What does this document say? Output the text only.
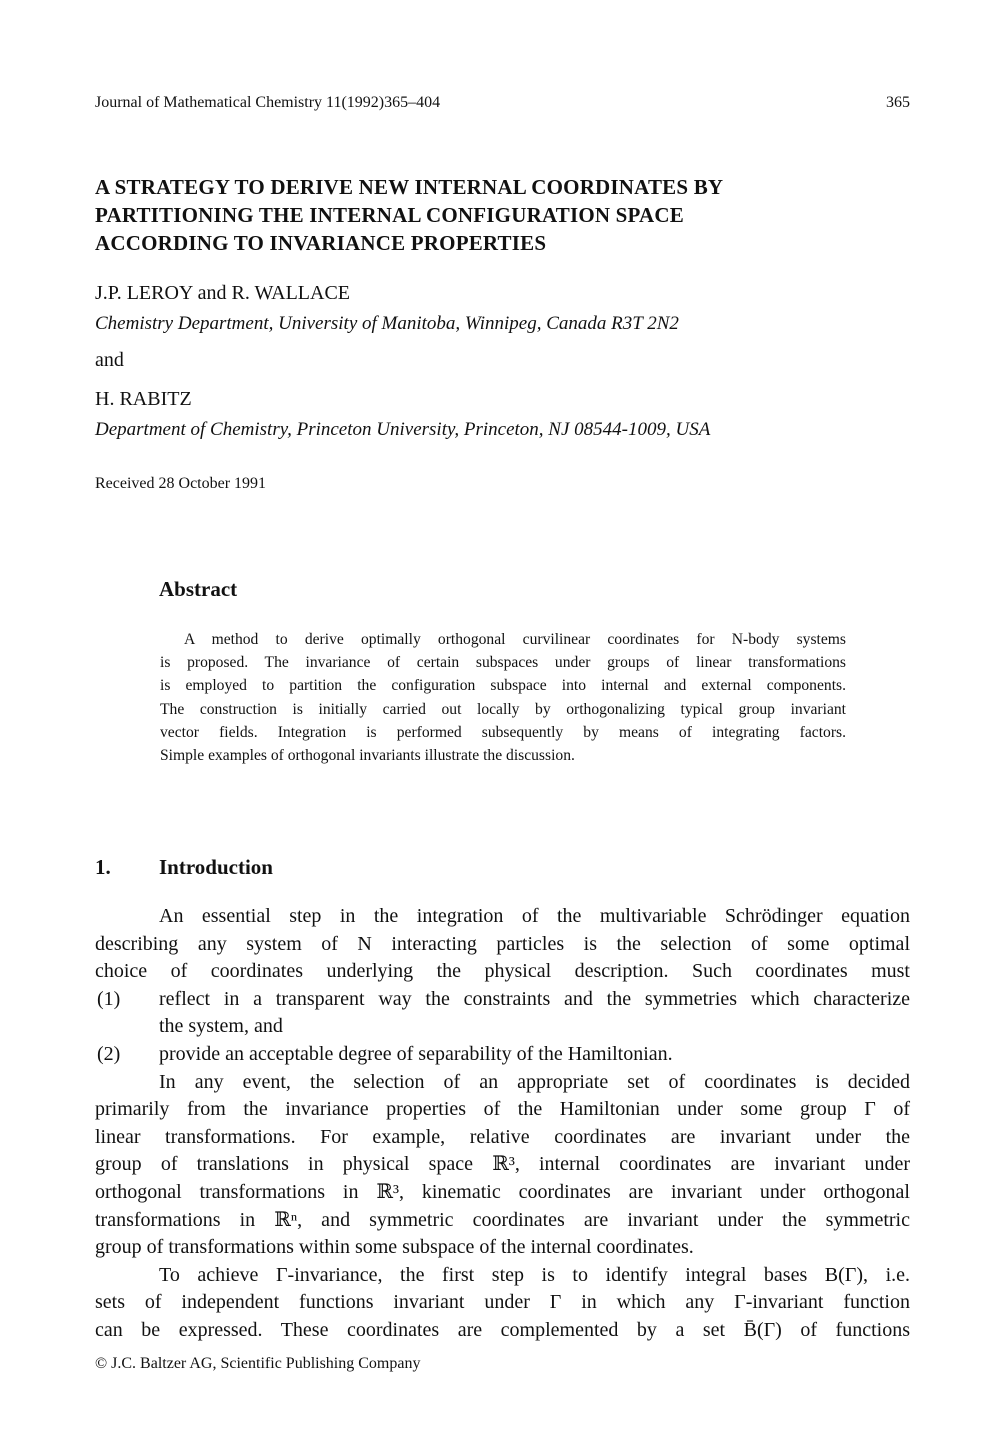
Journal of Mathematical Chemistry 11(1992)365–404	365
A STRATEGY TO DERIVE NEW INTERNAL COORDINATES BY
PARTITIONING THE INTERNAL CONFIGURATION SPACE
ACCORDING TO INVARIANCE PROPERTIES
J.P. LEROY and R. WALLACE
Chemistry Department, University of Manitoba, Winnipeg, Canada R3T 2N2
and
H. RABITZ
Department of Chemistry, Princeton University, Princeton, NJ 08544-1009, USA
Received 28 October 1991
Abstract
A method to derive optimally orthogonal curvilinear coordinates for N-body systems
is proposed. The invariance of certain subspaces under groups of linear transformations
is employed to partition the configuration subspace into internal and external components.
The construction is initially carried out locally by orthogonalizing typical group invariant
vector fields. Integration is performed subsequently by means of integrating factors.
Simple examples of orthogonal invariants illustrate the discussion.
1. Introduction
An essential step in the integration of the multivariable Schrödinger equation
describing any system of N interacting particles is the selection of some optimal
choice of coordinates underlying the physical description. Such coordinates must
(1)	reflect in a transparent way the constraints and the symmetries which characterize
the system, and
(2)	provide an acceptable degree of separability of the Hamiltonian.
In any event, the selection of an appropriate set of coordinates is decided
primarily from the invariance properties of the Hamiltonian under some group Γ of
linear transformations. For example, relative coordinates are invariant under the
group of translations in physical space ℝ³, internal coordinates are invariant under
orthogonal transformations in ℝ³, kinematic coordinates are invariant under orthogonal
transformations in ℝⁿ, and symmetric coordinates are invariant under the symmetric
group of transformations within some subspace of the internal coordinates.
To achieve Γ-invariance, the first step is to identify integral bases B(Γ), i.e.
sets of independent functions invariant under Γ in which any Γ-invariant function
can be expressed. These coordinates are complemented by a set B̄(Γ) of functions
© J.C. Baltzer AG, Scientific Publishing Company
